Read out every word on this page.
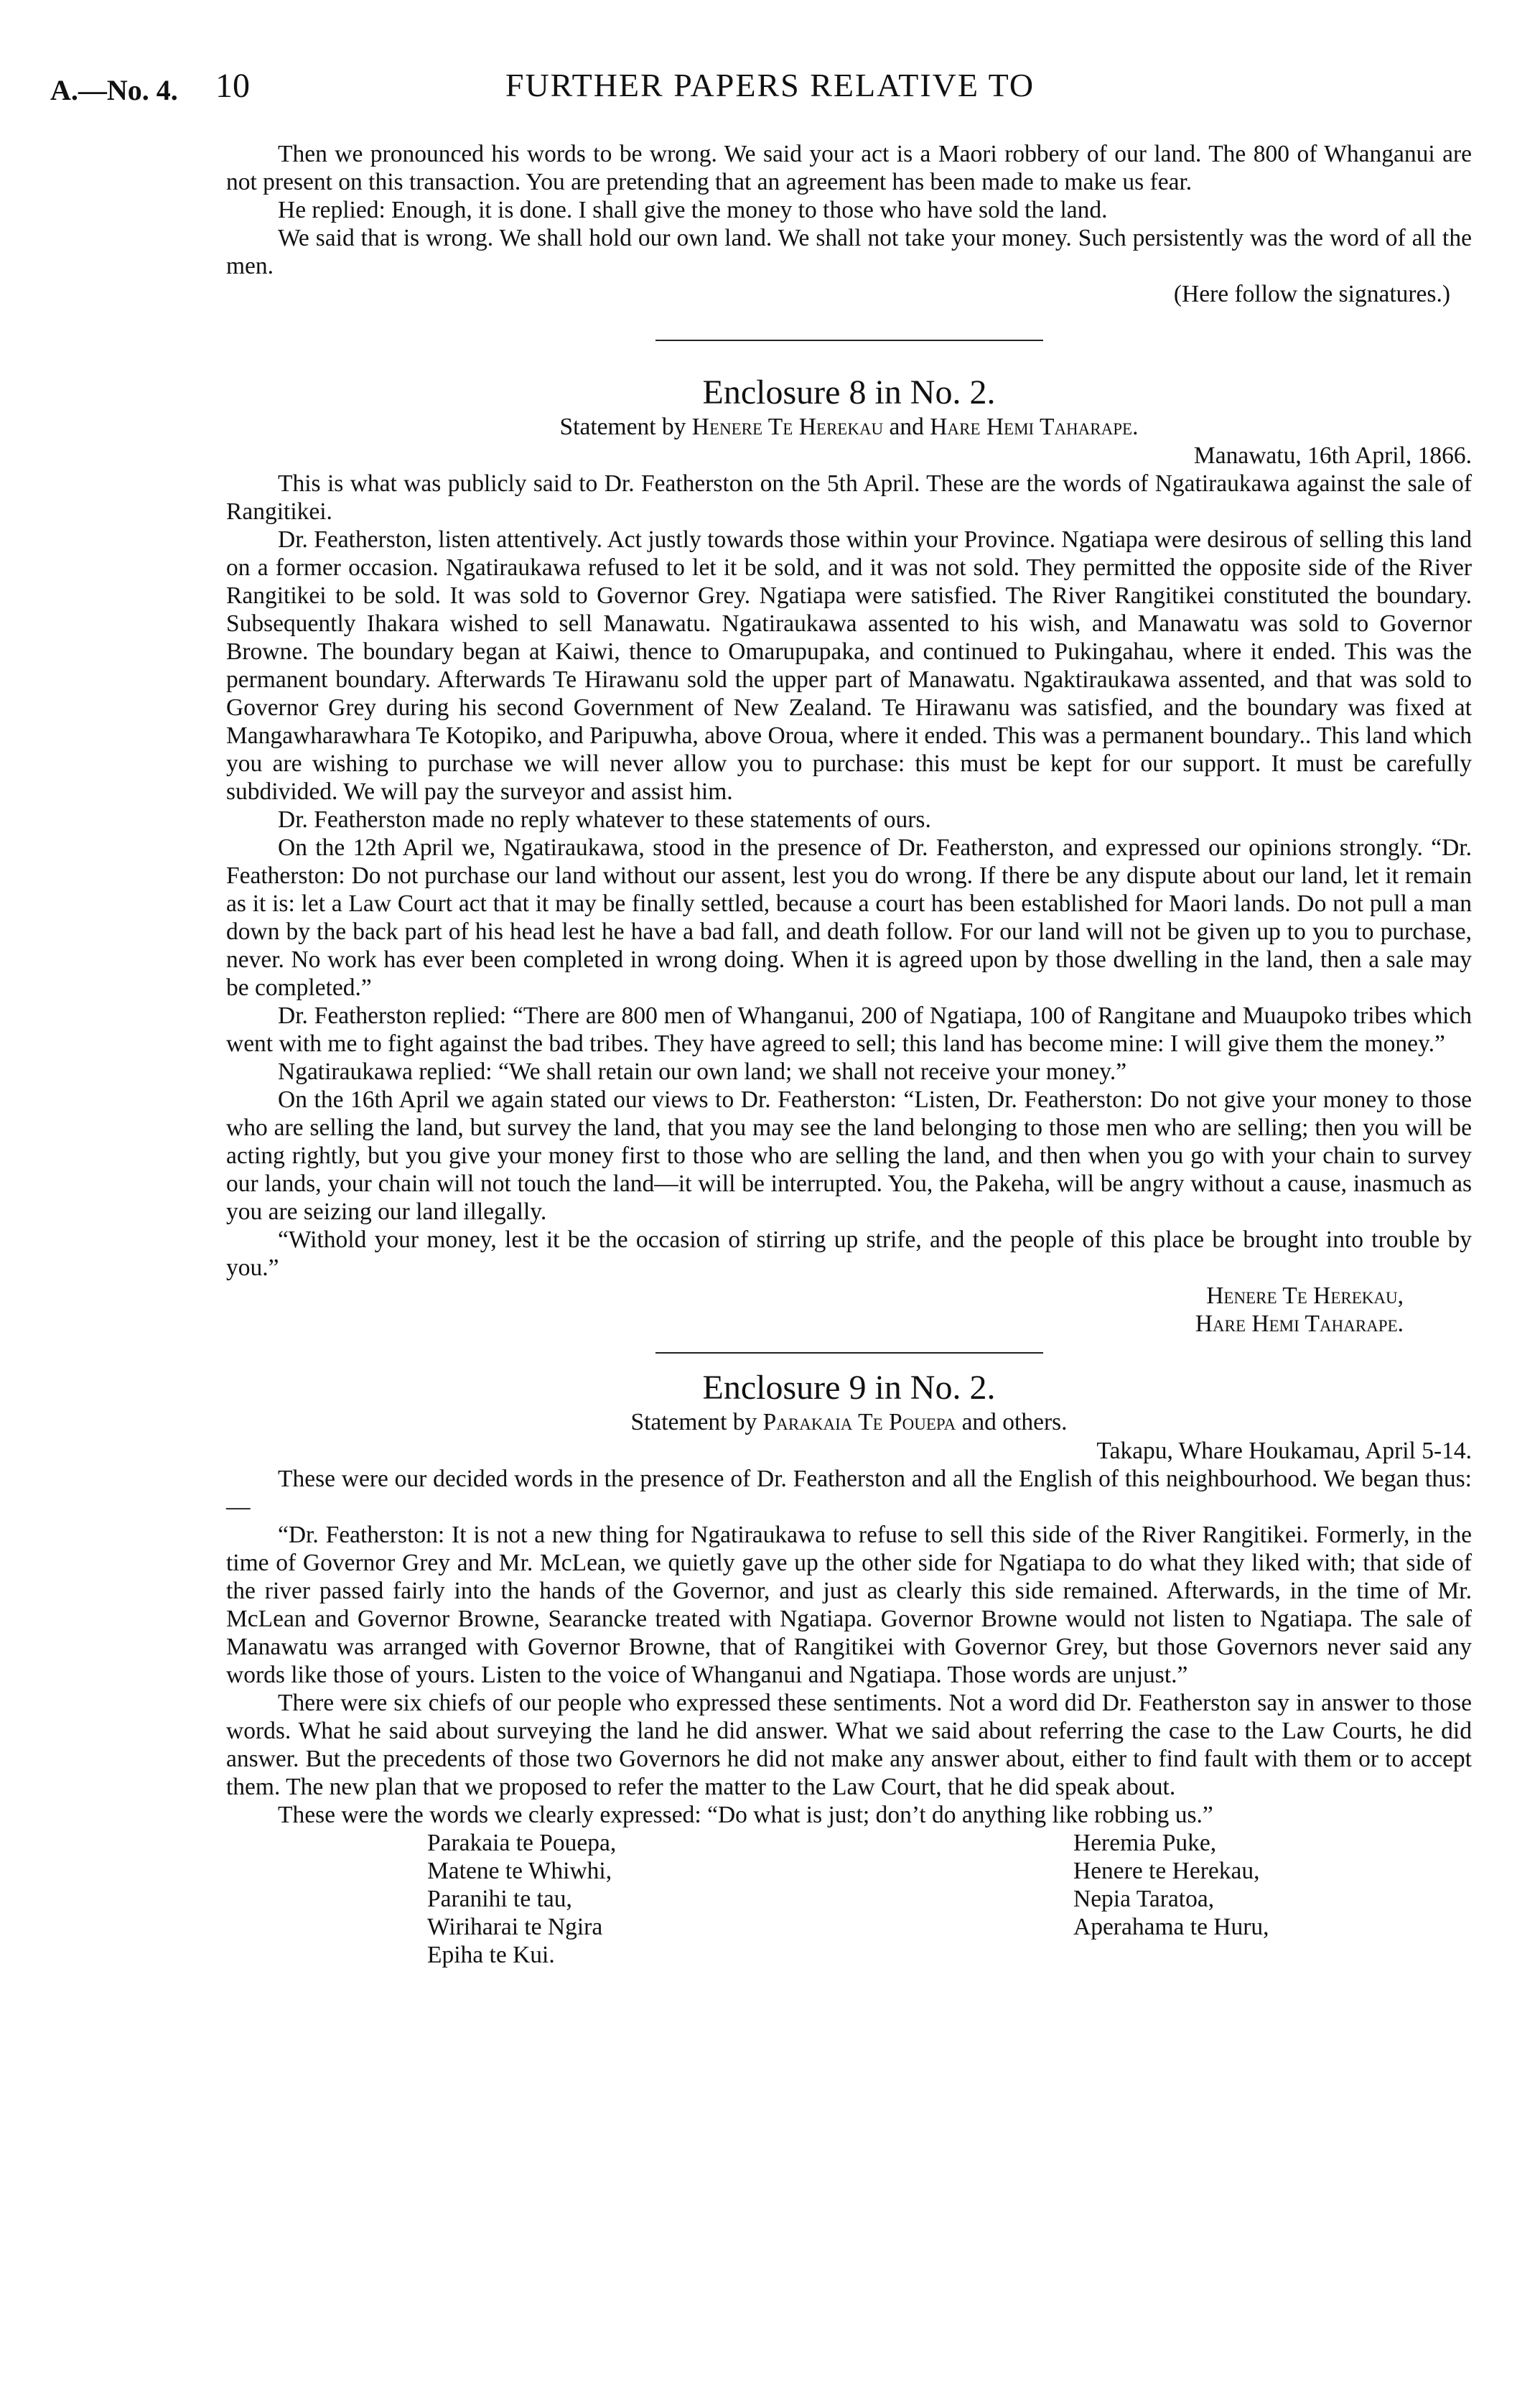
A.—No. 4. 10	FURTHER PAPERS RELATIVE TO

Then we pronounced his words to be wrong. We said your act is a Maori robbery of our land. The 800 of Whanganui are not present on this transaction. You are pretending that an agreement has been made to make us fear.

He replied: Enough, it is done. I shall give the money to those who have sold the land.

We said that is wrong. We shall hold our own land. We shall not take your money. Such persistently was the word of all the men.

(Here follow the signatures.)

Enclosure 8 in No. 2.
Statement by Henere Te Herekau and Hare Hemi Taharape.

Manawatu, 16th April, 1866.

This is what was publicly said to Dr. Featherston on the 5th April. These are the words of Ngatiraukawa against the sale of Rangitikei.

Dr. Featherston, listen attentively. Act justly towards those within your Province. Ngatiapa were desirous of selling this land on a former occasion. Ngatiraukawa refused to let it be sold, and it was not sold. They permitted the opposite side of the River Rangitikei to be sold. It was sold to Governor Grey. Ngatiapa were satisfied. The River Rangitikei constituted the boundary. Subsequently Ihakara wished to sell Manawatu. Ngatiraukawa assented to his wish, and Manawatu was sold to Governor Browne. The boundary began at Kaiwi, thence to Omarupupaka, and continued to Pukingahau, where it ended. This was the permanent boundary. Afterwards Te Hirawanu sold the upper part of Manawatu. Ngaktiraukawa assented, and that was sold to Governor Grey during his second Government of New Zealand. Te Hirawanu was satisfied, and the boundary was fixed at Mangawharawhara Te Kotopiko, and Paripuwha, above Oroua, where it ended. This was a permanent boundary.. This land which you are wishing to purchase we will never allow you to purchase: this must be kept for our support. It must be carefully subdivided. We will pay the surveyor and assist him.

Dr. Featherston made no reply whatever to these statements of ours.

On the 12th April we, Ngatiraukawa, stood in the presence of Dr. Featherston, and expressed our opinions strongly. “Dr. Featherston: Do not purchase our land without our assent, lest you do wrong. If there be any dispute about our land, let it remain as it is: let a Law Court act that it may be finally settled, because a court has been established for Maori lands. Do not pull a man down by the back part of his head lest he have a bad fall, and death follow. For our land will not be given up to you to purchase, never. No work has ever been completed in wrong doing. When it is agreed upon by those dwelling in the land, then a sale may be completed.”

Dr. Featherston replied: “There are 800 men of Whanganui, 200 of Ngatiapa, 100 of Rangitane and Muaupoko tribes which went with me to fight against the bad tribes. They have agreed to sell; this land has become mine: I will give them the money.”

Ngatiraukawa replied: “We shall retain our own land; we shall not receive your money.”

On the 16th April we again stated our views to Dr. Featherston: “Listen, Dr. Featherston: Do not give your money to those who are selling the land, but survey the land, that you may see the land belonging to those men who are selling; then you will be acting rightly, but you give your money first to those who are selling the land, and then when you go with your chain to survey our lands, your chain will not touch the land—it will be interrupted. You, the Pakeha, will be angry without a cause, inasmuch as you are seizing our land illegally.

“Withold your money, lest it be the occasion of stirring up strife, and the people of this place be brought into trouble by you.”

Henere Te Herekau,

Hare Hemi Taharape.

Enclosure 9 in No. 2.
Statement by Parakaia Te Pouepa and others.

Takapu, Whare Houkamau, April 5-14.

These were our decided words in the presence of Dr. Featherston and all the English of this neighbourhood. We began thus:—

“Dr. Featherston: It is not a new thing for Ngatiraukawa to refuse to sell this side of the River Rangitikei. Formerly, in the time of Governor Grey and Mr. McLean, we quietly gave up the other side for Ngatiapa to do what they liked with; that side of the river passed fairly into the hands of the Governor, and just as clearly this side remained. Afterwards, in the time of Mr. McLean and Governor Browne, Searancke treated with Ngatiapa. Governor Browne would not listen to Ngatiapa. The sale of Manawatu was arranged with Governor Browne, that of Rangitikei with Governor Grey, but those Governors never said any words like those of yours. Listen to the voice of Whanganui and Ngatiapa. Those words are unjust.”

There were six chiefs of our people who expressed these sentiments. Not a word did Dr. Featherston say in answer to those words. What he said about surveying the land he did answer. What we said about referring the case to the Law Courts, he did answer. But the precedents of those two Governors he did not make any answer about, either to find fault with them or to accept them. The new plan that we proposed to refer the matter to the Law Court, that he did speak about.

These were the words we clearly expressed: “Do what is just; don’t do anything like robbing us.”

Parakaia te Pouepa,	Heremia Puke,
Matene te Whiwhi,	Henere te Herekau,
Paranihi te tau,	Nepia Taratoa,
Wiriharai te Ngira	Aperahama te Huru,
Epiha te Kui.
